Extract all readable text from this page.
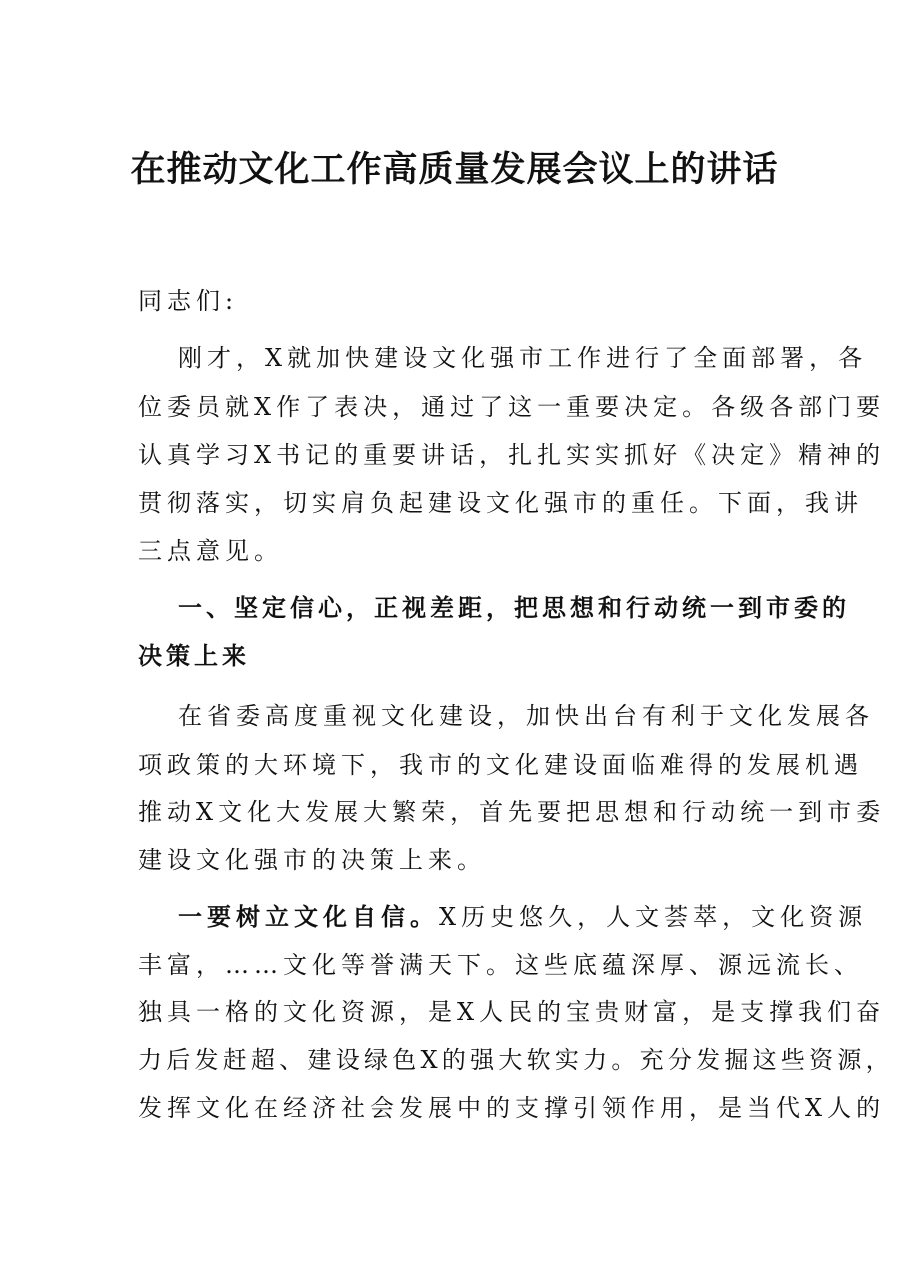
在推动文化工作高质量发展会议上的讲话
同志们:
刚才，X就加快建设文化强市工作进行了全面部署，各
位委员就X作了表决，通过了这一重要决定。各级各部门要
认真学习X书记的重要讲话，扎扎实实抓好《决定》精神的
贯彻落实，切实肩负起建设文化强市的重任。下面，我讲
三点意见。
一、坚定信心，正视差距，把思想和行动统一到市委的
决策上来
在省委高度重视文化建设，加快出台有利于文化发展各
项政策的大环境下，我市的文化建设面临难得的发展机遇
推动X文化大发展大繁荣，首先要把思想和行动统一到市委
建设文化强市的决策上来。
一要树立文化自信。X历史悠久，人文荟萃，文化资源
丰富，……文化等誉满天下。这些底蕴深厚、源远流长、
独具一格的文化资源，是X人民的宝贵财富，是支撑我们奋
力后发赶超、建设绿色X的强大软实力。充分发掘这些资源，
发挥文化在经济社会发展中的支撑引领作用，是当代X人的
